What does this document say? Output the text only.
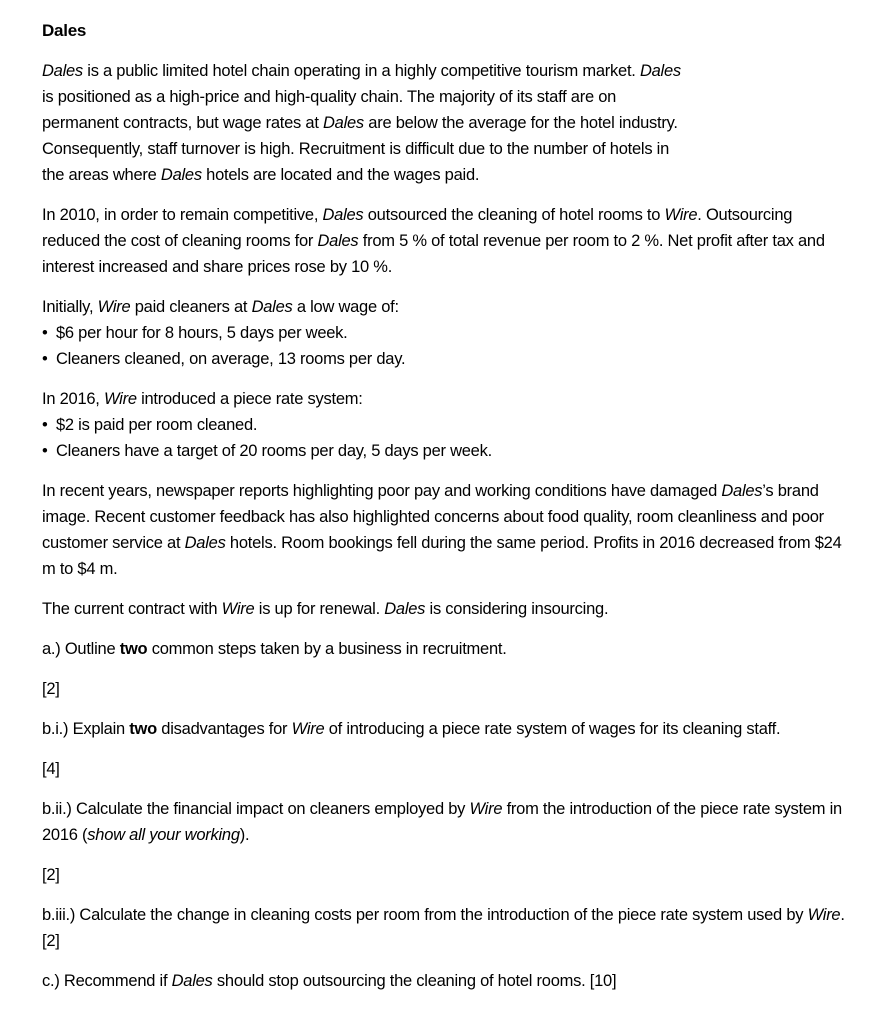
Dales

Dales is a public limited hotel chain operating in a highly competitive tourism market. Dales is positioned as a high-price and high-quality chain. The majority of its staff are on permanent contracts, but wage rates at Dales are below the average for the hotel industry. Consequently, staff turnover is high. Recruitment is difficult due to the number of hotels in the areas where Dales hotels are located and the wages paid.

In 2010, in order to remain competitive, Dales outsourced the cleaning of hotel rooms to Wire. Outsourcing reduced the cost of cleaning rooms for Dales from 5 % of total revenue per room to 2 %. Net profit after tax and interest increased and share prices rose by 10 %.

Initially, Wire paid cleaners at Dales a low wage of:

• $6 per hour for 8 hours, 5 days per week.
• Cleaners cleaned, on average, 13 rooms per day.

In 2016, Wire introduced a piece rate system:

• $2 is paid per room cleaned.
• Cleaners have a target of 20 rooms per day, 5 days per week.

In recent years, newspaper reports highlighting poor pay and working conditions have damaged Dales’s brand image. Recent customer feedback has also highlighted concerns about food quality, room cleanliness and poor customer service at Dales hotels. Room bookings fell during the same period. Profits in 2016 decreased from $24 m to $4 m.

The current contract with Wire is up for renewal. Dales is considering insourcing.

a.) Outline two common steps taken by a business in recruitment.

[2]

b.i.) Explain two disadvantages for Wire of introducing a piece rate system of wages for its cleaning staff.

[4]

b.ii.) Calculate the financial impact on cleaners employed by Wire from the introduction of the piece rate system in 2016 (show all your working).

[2]

b.iii.) Calculate the change in cleaning costs per room from the introduction of the piece rate system used by Wire. [2]

c.) Recommend if Dales should stop outsourcing the cleaning of hotel rooms. [10]
